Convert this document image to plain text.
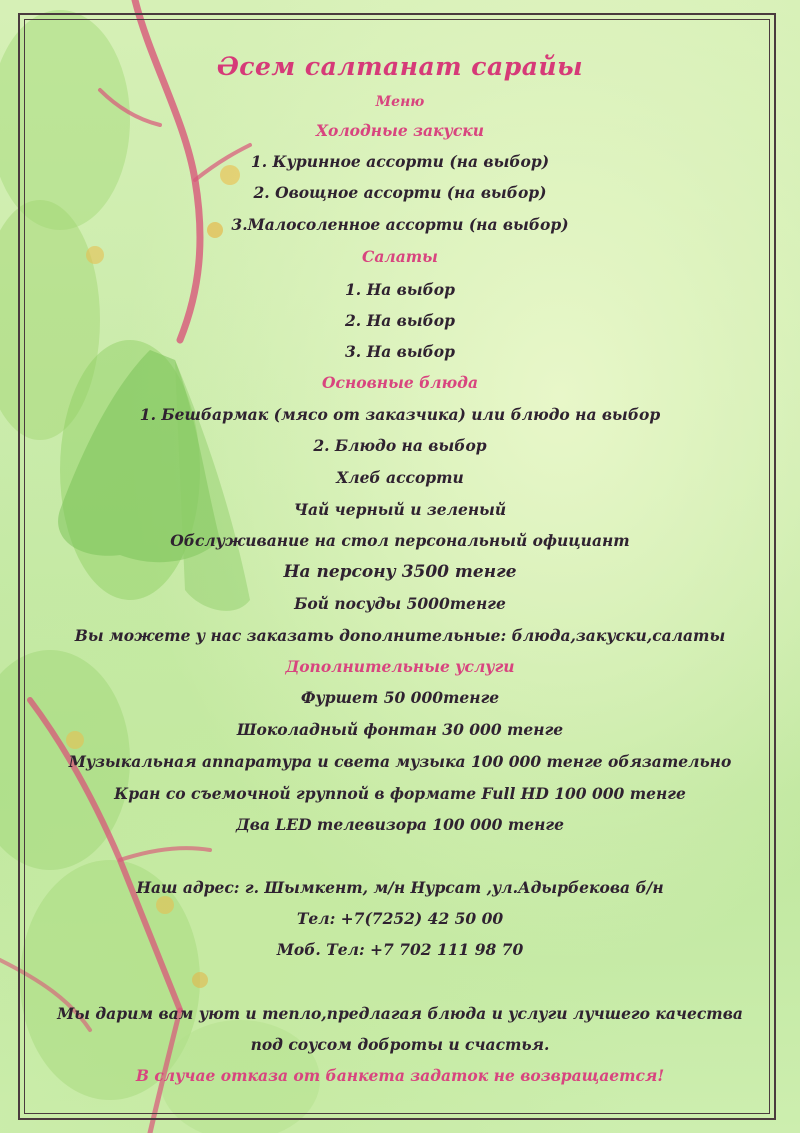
Әсем салтанат сарайы
Меню
Холодные закуски
1. Куринное ассорти (на выбор)
2. Овощное ассорти (на выбор)
3.Малосоленное ассорти (на выбор)
Салаты
1. На выбор
2. На выбор
3. На выбор
Основные блюда
1. Бешбармак (мясо от заказчика) или блюдо на выбор
2. Блюдо на выбор
Хлеб ассорти
Чай черный и зеленый
Обслуживание на стол персональный официант
На персону 3500 тенге
Бой посуды 5000тенге
Вы можете у нас заказать дополнительные: блюда,закуски,салаты
Дополнительные услуги
Фуршет 50 000тенге
Шоколадный фонтан 30 000 тенге
Музыкальная аппаратура и света музыка 100 000 тенге обязательно
Кран со съемочной группой в формате Full HD 100 000 тенге
Два LED телевизора 100 000 тенге
Наш адрес: г. Шымкент, м/н Нурсат ,ул.Адырбекова б/н
Тел: +7(7252) 42 50 00
Моб. Тел: +7 702 111 98 70
Мы дарим вам уют и тепло,предлагая блюда и услуги лучшего качества
под соусом доброты и счастья.
В случае отказа от банкета задаток не возвращается!
